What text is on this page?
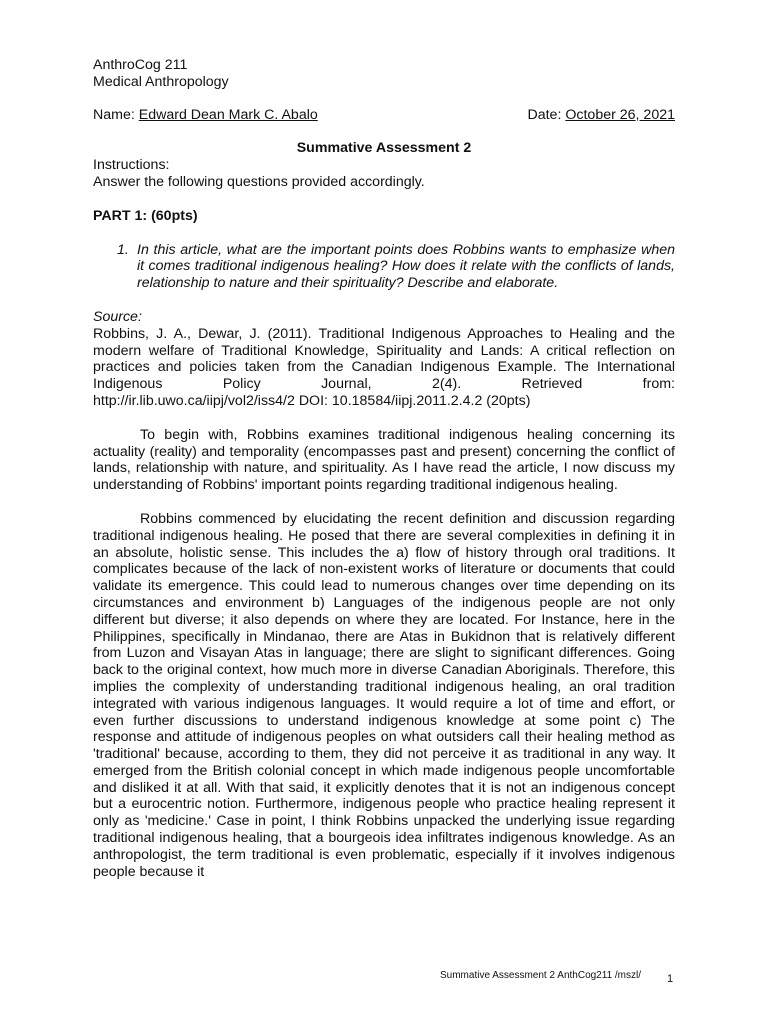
AnthroCog 211

Medical Anthropology

Name: Edward Dean Mark C. Abalo	Date: October 26, 2021

Summative Assessment 2

Instructions:

Answer the following questions provided accordingly.

PART 1: (60pts)

1. In this article, what are the important points does Robbins wants to emphasize when it comes traditional indigenous healing? How does it relate with the conflicts of lands, relationship to nature and their spirituality? Describe and elaborate.

Source:

Robbins, J. A., Dewar, J. (2011). Traditional Indigenous Approaches to Healing and the modern welfare of Traditional Knowledge, Spirituality and Lands: A critical reflection on practices and policies taken from the Canadian Indigenous Example. The International Indigenous Policy Journal, 2(4). Retrieved from:

http://ir.lib.uwo.ca/iipj/vol2/iss4/2 DOI: 10.18584/iipj.2011.2.4.2 (20pts)

To begin with, Robbins examines traditional indigenous healing concerning its actuality (reality) and temporality (encompasses past and present) concerning the conflict of lands, relationship with nature, and spirituality. As I have read the article, I now discuss my understanding of Robbins' important points regarding traditional indigenous healing.

Robbins commenced by elucidating the recent definition and discussion regarding traditional indigenous healing. He posed that there are several complexities in defining it in an absolute, holistic sense. This includes the a) flow of history through oral traditions. It complicates because of the lack of non-existent works of literature or documents that could validate its emergence. This could lead to numerous changes over time depending on its circumstances and environment b) Languages of the indigenous people are not only different but diverse; it also depends on where they are located. For Instance, here in the Philippines, specifically in Mindanao, there are Atas in Bukidnon that is relatively different from Luzon and Visayan Atas in language; there are slight to significant differences. Going back to the original context, how much more in diverse Canadian Aboriginals. Therefore, this implies the complexity of understanding traditional indigenous healing, an oral tradition integrated with various indigenous languages. It would require a lot of time and effort, or even further discussions to understand indigenous knowledge at some point c) The response and attitude of indigenous peoples on what outsiders call their healing method as 'traditional' because, according to them, they did not perceive it as traditional in any way. It emerged from the British colonial concept in which made indigenous people uncomfortable and disliked it at all. With that said, it explicitly denotes that it is not an indigenous concept but a eurocentric notion. Furthermore, indigenous people who practice healing represent it only as 'medicine.' Case in point, I think Robbins unpacked the underlying issue regarding traditional indigenous healing, that a bourgeois idea infiltrates indigenous knowledge. As an anthropologist, the term traditional is even problematic, especially if it involves indigenous people because it

Summative Assessment 2 AnthCog211 /mszl/ 1
